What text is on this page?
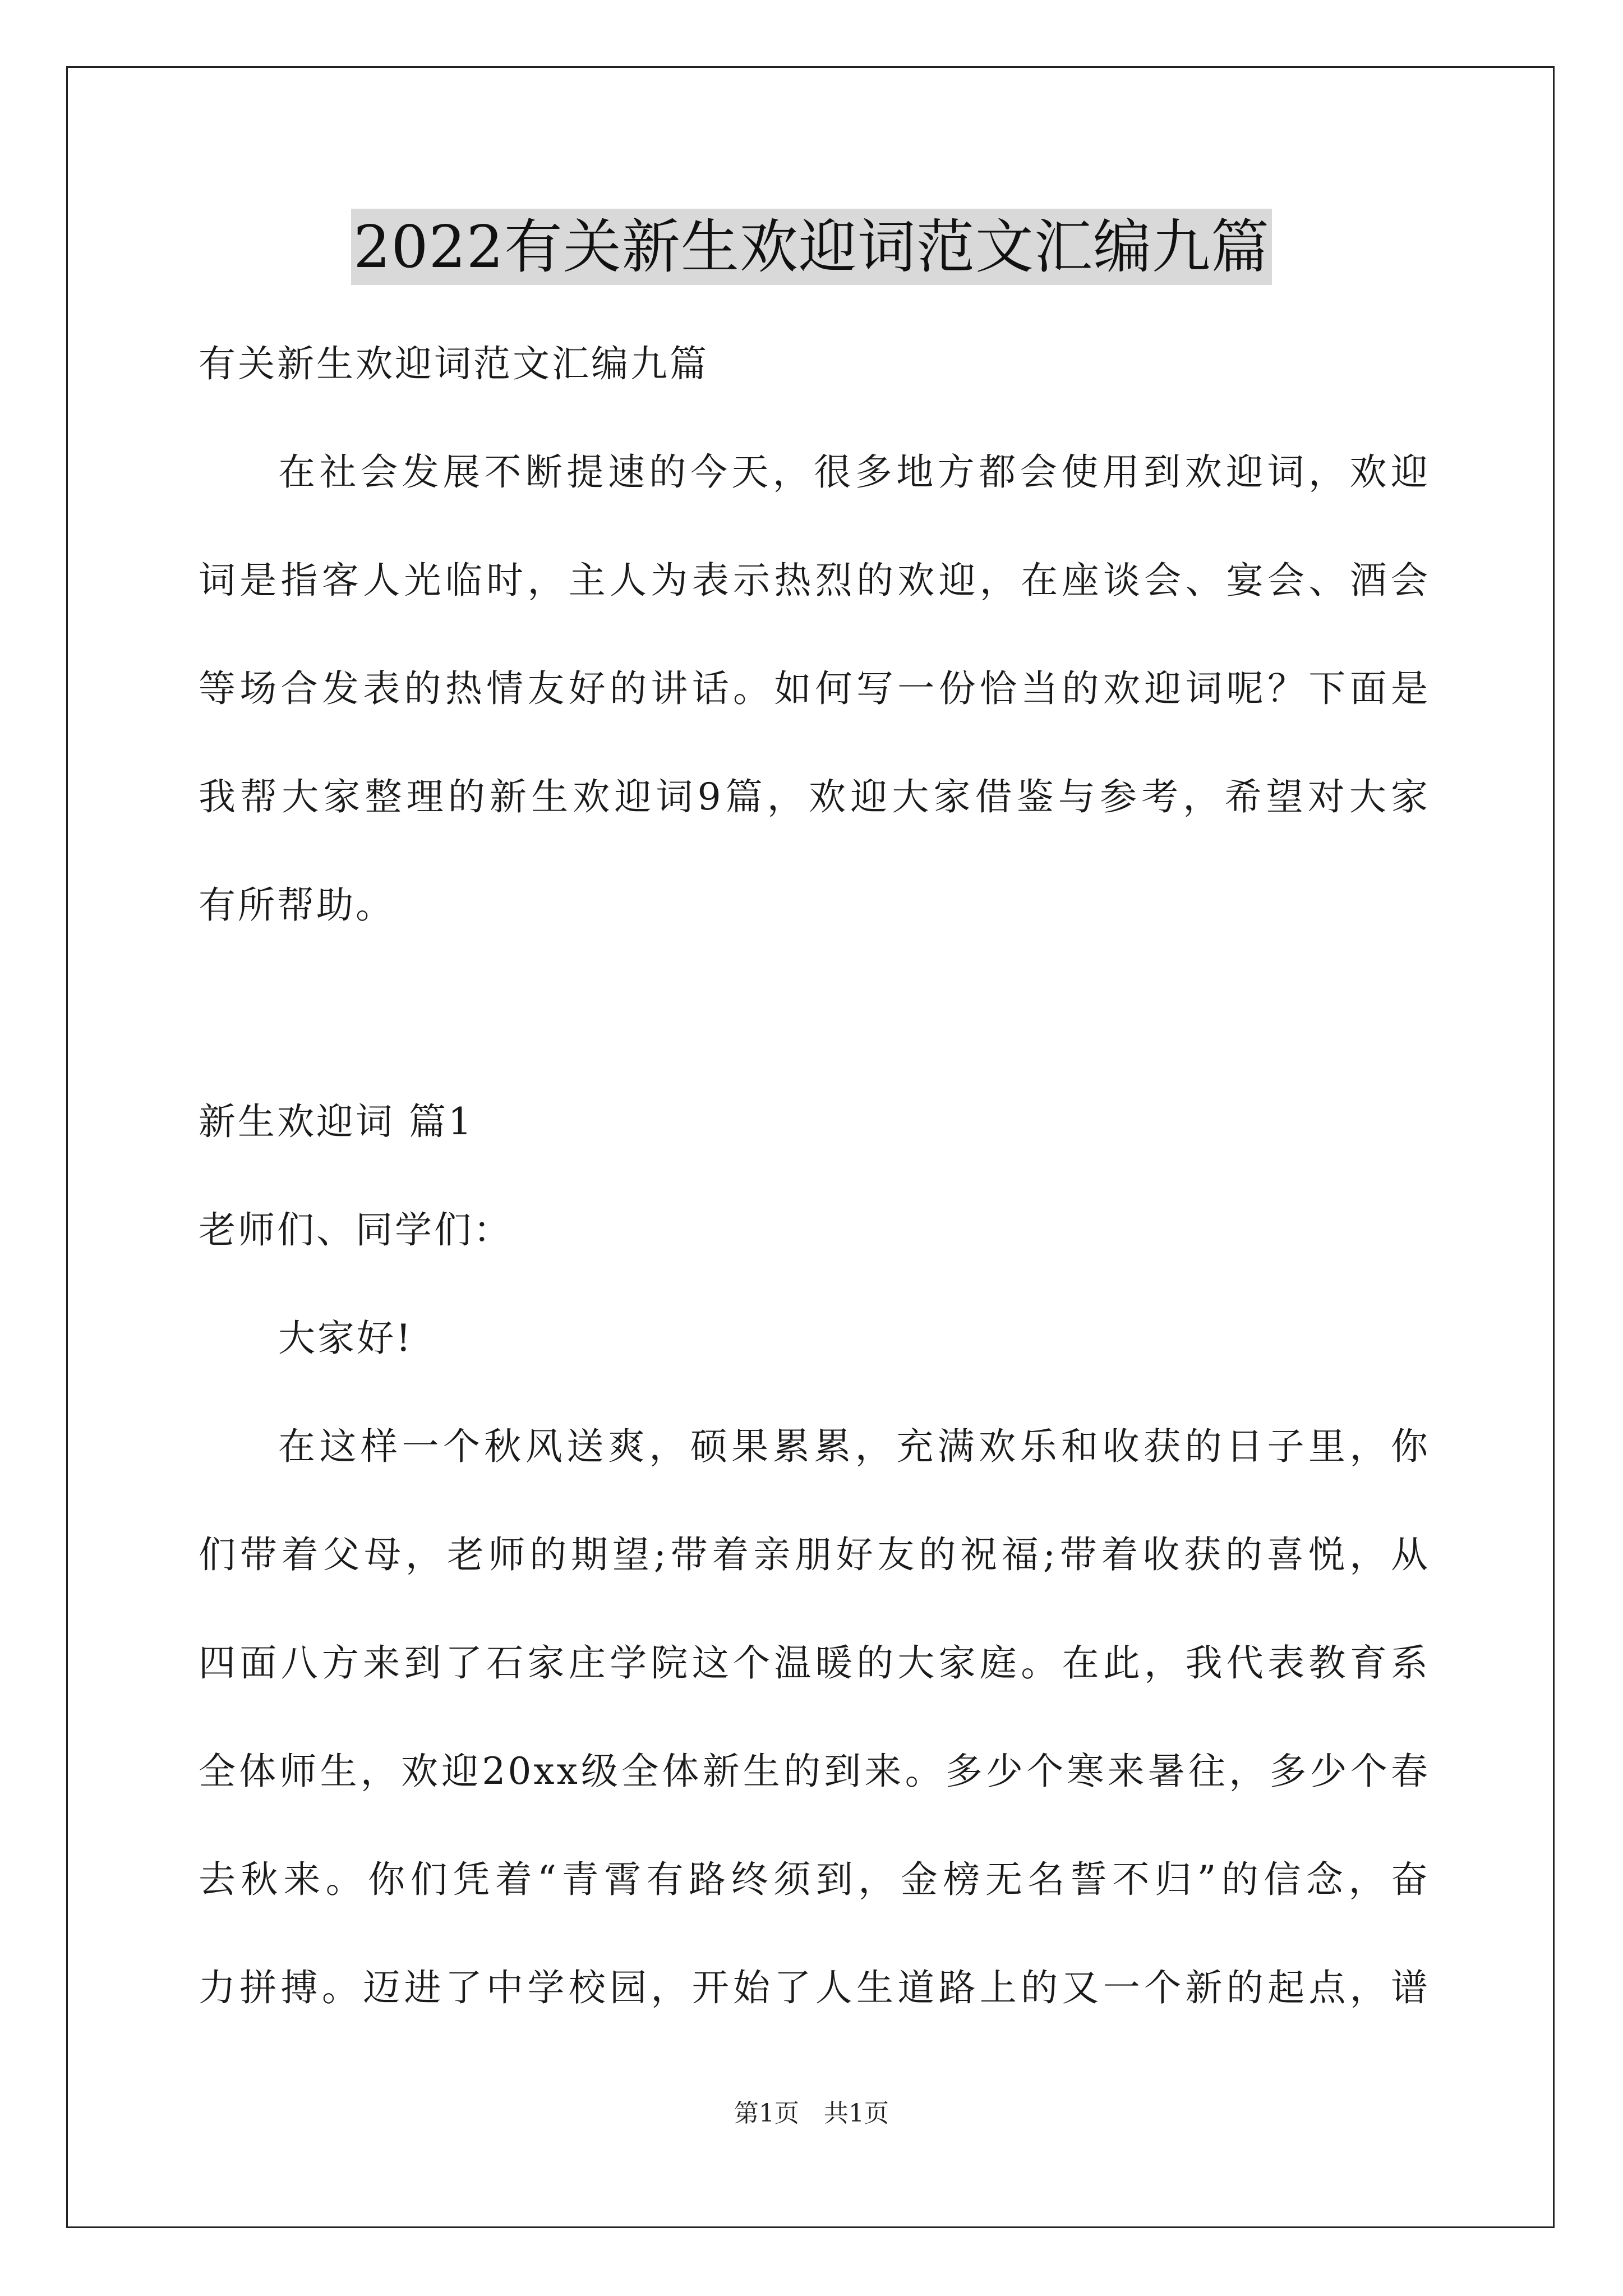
2022有关新生欢迎词范文汇编九篇
有关新生欢迎词范文汇编九篇
在社会发展不断提速的今天，很多地方都会使用到欢迎词，欢迎
词是指客人光临时，主人为表示热烈的欢迎，在座谈会、宴会、酒会
等场合发表的热情友好的讲话。如何写一份恰当的欢迎词呢？下面是
我帮大家整理的新生欢迎词9篇，欢迎大家借鉴与参考，希望对大家
有所帮助。
新生欢迎词 篇1
老师们、同学们：
大家好!
在这样一个秋风送爽，硕果累累，充满欢乐和收获的日子里，你
们带着父母，老师的期望;带着亲朋好友的祝福;带着收获的喜悦，从
四面八方来到了石家庄学院这个温暖的大家庭。在此，我代表教育系
全体师生，欢迎20xx级全体新生的到来。多少个寒来暑往，多少个春
去秋来。你们凭着“青霄有路终须到，金榜无名誓不归”的信念，奋
力拼搏。迈进了中学校园，开始了人生道路上的又一个新的起点，谱
第1页　共1页
